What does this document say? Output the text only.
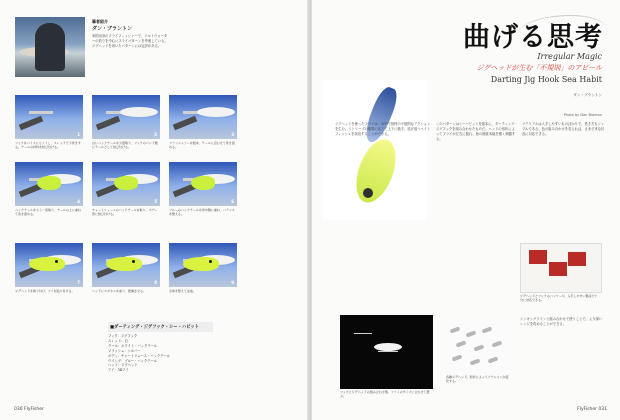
筆者紹介
ダン・ブラントン
米国出身のフライフィッシャーで、ソルトウォーターの釣りを中心にフライパターンを考案している。ジグヘッドを用いたパターンには定評がある。
1	2	3
フックをバイスにセットし、スレッドで下巻きする。テールの材料を結び付ける。
白いバックテールを少量取り、フックのベンド側にテールとして結び付ける。
フラッシャブーを数本、テールに沿わせて巻き留める。
4	5	6
バックテールをもう一束取り、テールの上に重ねて巻き留める。
チャートリュースのバックテールを取り、ボディ部に結び付ける。
ブルーのバックテールを背中側に重ね、バランスを整える。
7	8	9
ジグヘッドを取り付け、アイを貼り付ける。	ヘッドにエポキシを塗り、乾燥させる。	全体を整えて完成。
■ダーティング・ジグフック・シー・ハビット
フック：ジグフック
スレッド：白
テール：ホワイト・バックテール
フラッシュ：シルバー
ボディ：チャートリュース・バックテール
ウイング：ブルー・バックテール
ヘッド：ジグヘッド
アイ：3Dアイ
030 FlyFisher
曲げる思考
Irregular Magic
ジグヘッドが生む「不規則」のアピール
Darting Jig Hook Sea Habit
ダン・ブラントン
Photo by Dan Blanton
ジグヘッドを使ったフライは、水中で独特の不規則なアクションを生む。リトリーブの強弱に応じて上下に動き、逃げ惑うベイトフィッシュを演出することができる。
このパターンはシーハビットを基本に、ダーティング・ジグフックを組み合わせたものだ。ヘッドの形状によってフライが左右に振れ、魚の捕食本能を強く刺激する。
マテリアルは入手しやすいものばかりで、巻き方もシンプルである。色の組み合わせを変えれば、さまざまな状況に対応できる。
ジグヘッドとフックのパッケージ。入手しやすい製品で十分に対応できる。
フックとジグヘッドの組み合わせ例。フライのサイズに合わせて選ぶ。
各種ジグヘッド。形状によってアクションが変化する。
シンキングラインと組み合わせて使うことで、より深いレンジを攻めることができる。
FlyFisher 031
